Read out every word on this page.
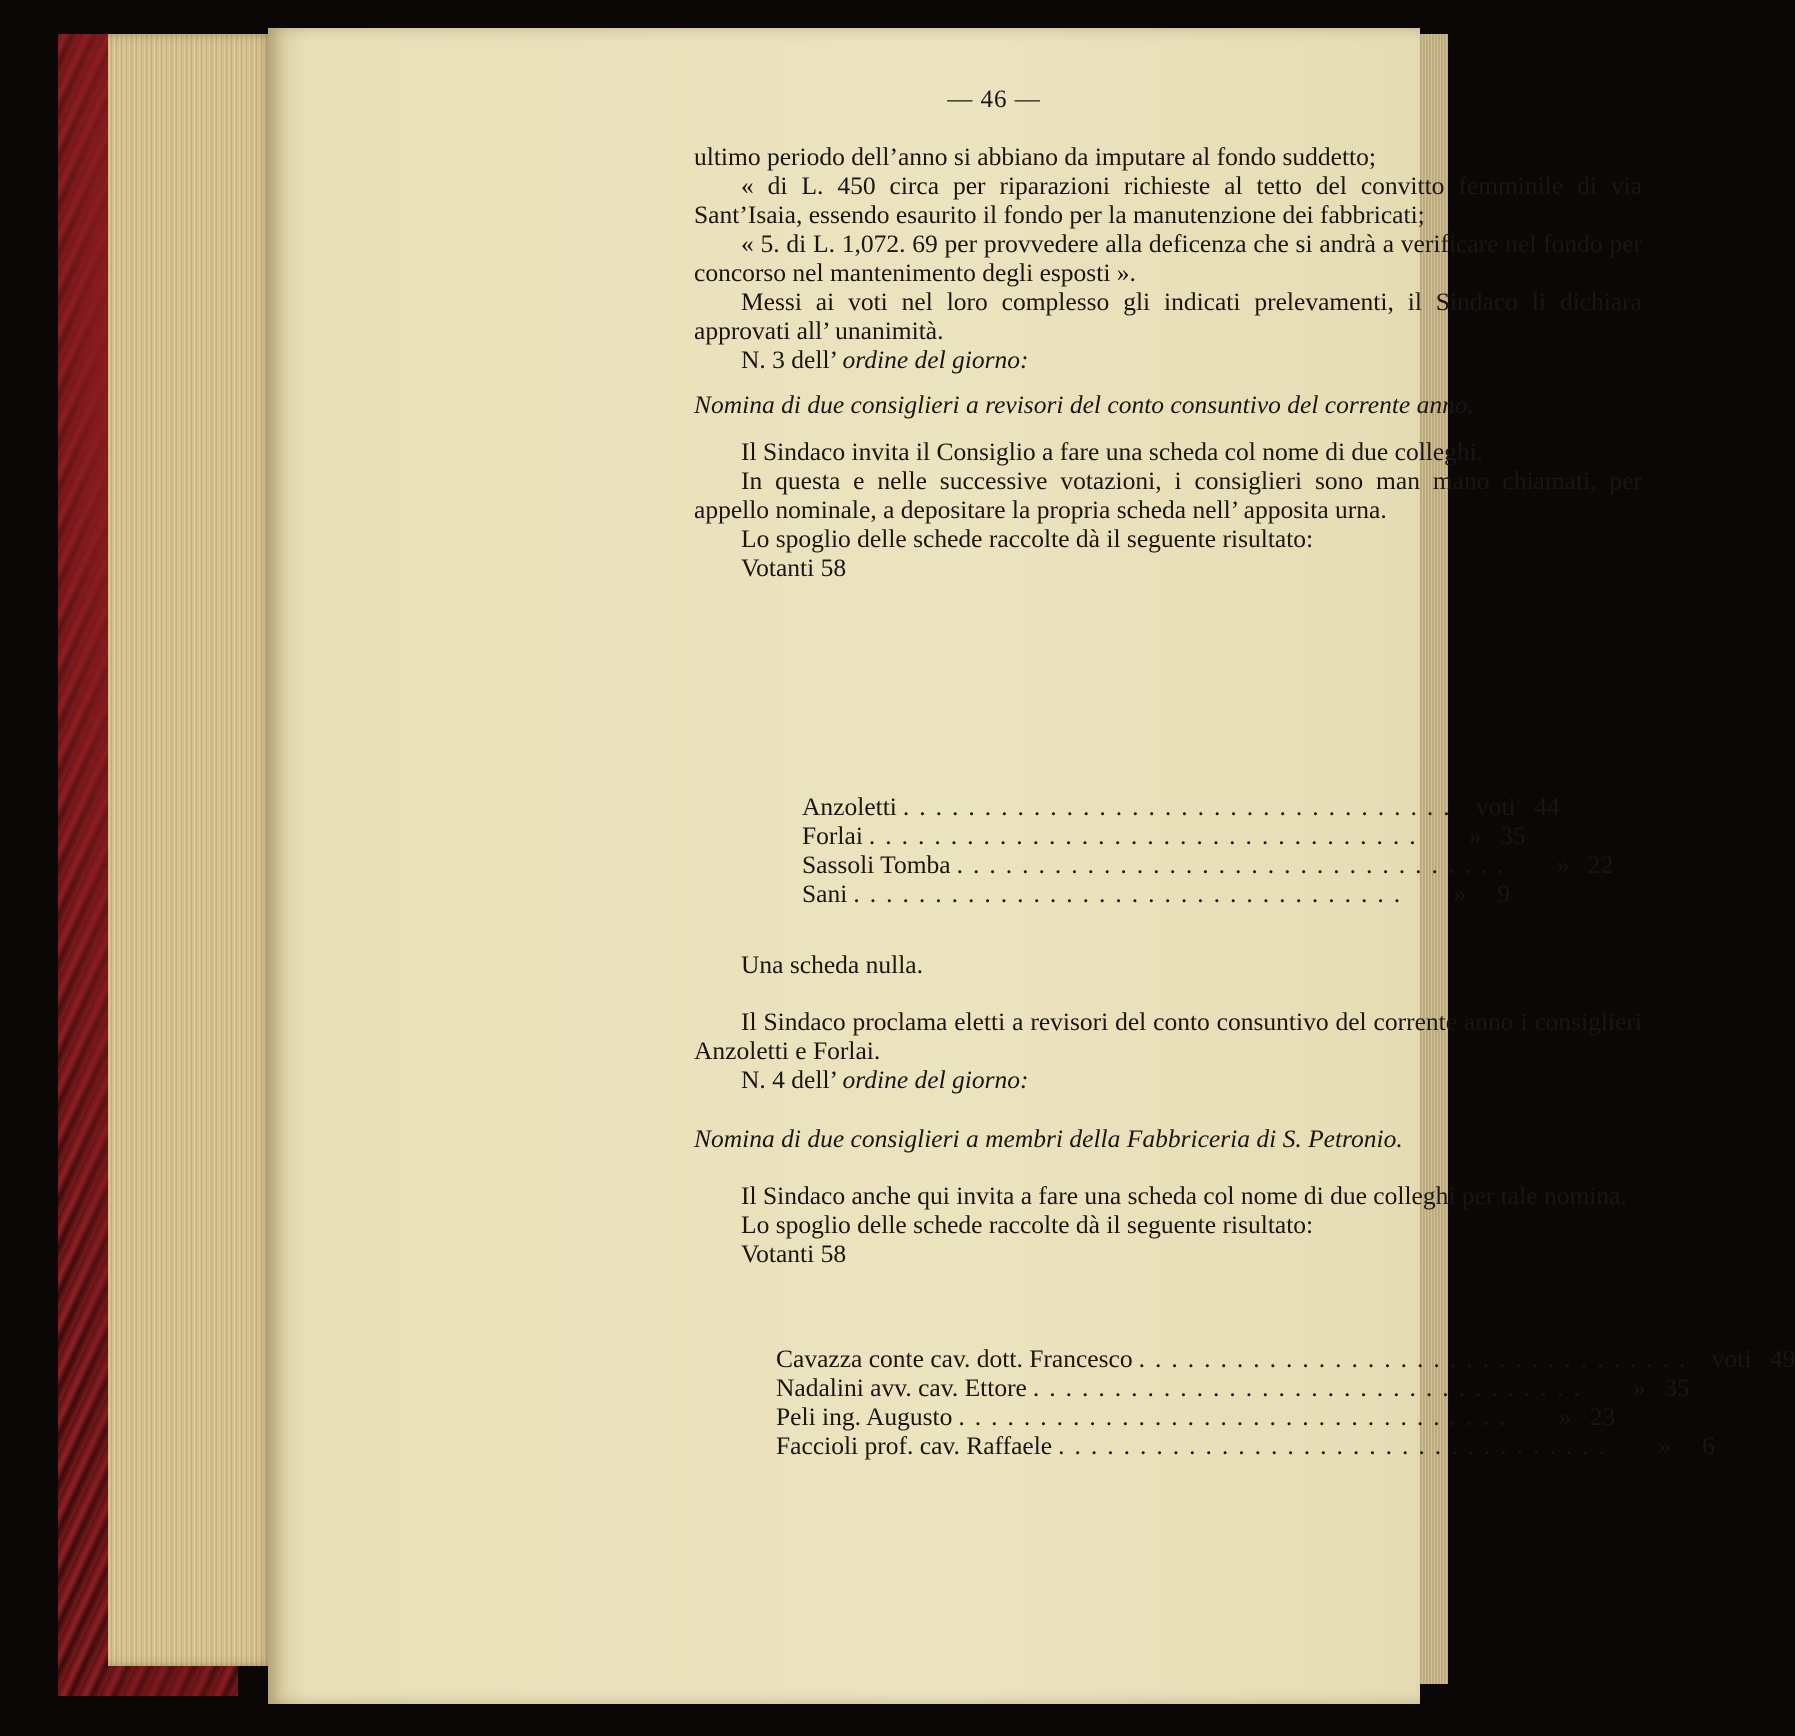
— 46 —
ultimo periodo dell’anno si abbiano da imputare al fondo suddetto;
« di L. 450 circa per riparazioni richieste al tetto del convitto femminile di via Sant’Isaia, essendo esaurito il fondo per la manutenzione dei fabbricati;
« 5. di L. 1,072. 69 per provvedere alla deficenza che si andrà a verificare nel fondo per concorso nel mantenimento degli esposti ».
Messi ai voti nel loro complesso gli indicati prelevamenti, il Sindaco li dichiara approvati all’ unanimità.
N. 3 dell’ ordine del giorno:
Nomina di due consiglieri a revisori del conto consuntivo del corrente anno.
Il Sindaco invita il Consiglio a fare una scheda col nome di due colleghi.
In questa e nelle successive votazioni, i consiglieri sono man mano chiamati, per appello nominale, a depositare la propria scheda nell’ apposita urna.
Lo spoglio delle schede raccolte dà il seguente risultato:
Votanti 58
Anzoletti .................................. voti 44
Forlai ..................................	» 35
Sassoli Tomba ..................................	» 22
Sani ..................................	»	9
Una scheda nulla.
Il Sindaco proclama eletti a revisori del conto consuntivo del corrente anno i consiglieri Anzoletti e Forlai.
N. 4 dell’ ordine del giorno:
Nomina di due consiglieri a membri della Fabbriceria di S. Petronio.
Il Sindaco anche qui invita a fare una scheda col nome di due colleghi per tale nomina.
Lo spoglio delle schede raccolte dà il seguente risultato:
Votanti 58
Cavazza conte cav. dott. Francesco .................................. voti 49
Nadalini avv. cav. Ettore ..................................	» 35
Peli ing. Augusto ..................................	» 23
Faccioli prof. cav. Raffaele ..................................	»	6
